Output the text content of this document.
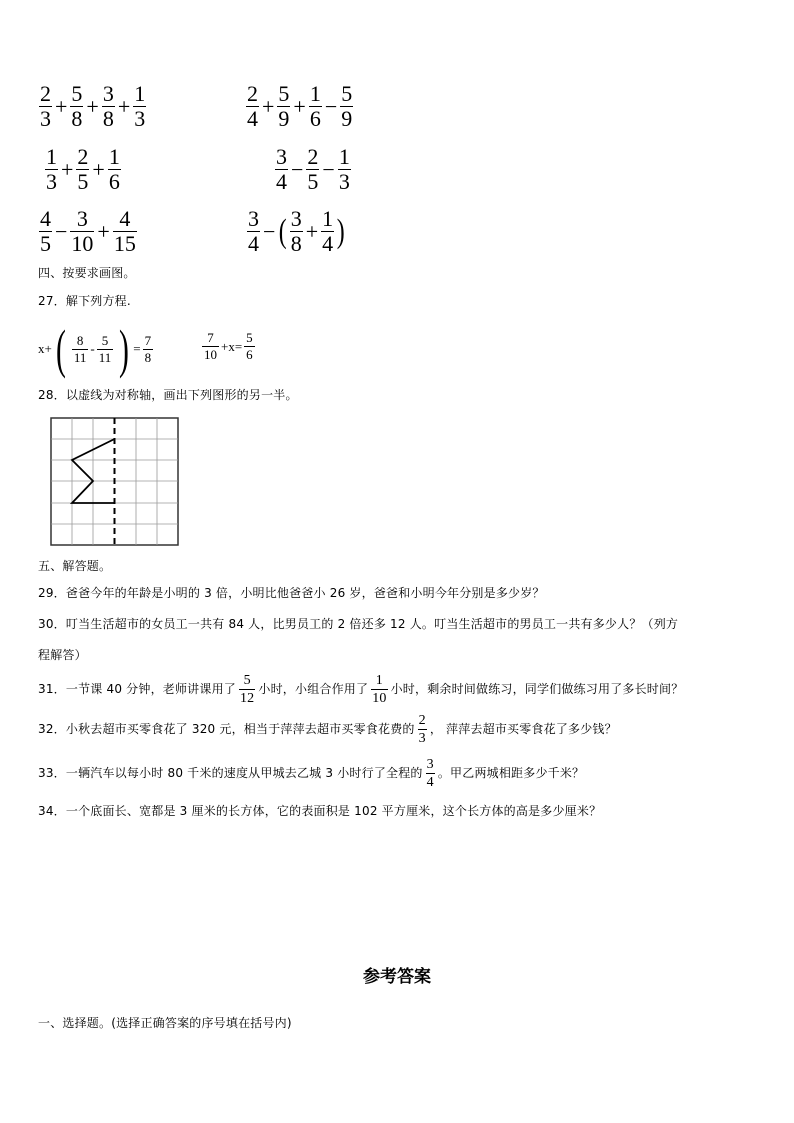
$\frac{2}{3} + \frac{5}{8} + \frac{3}{8} + \frac{1}{3}$	$\frac{2}{4} + \frac{5}{9} + \frac{1}{6} - \frac{5}{9}$
$\frac{1}{3} + \frac{2}{5} + \frac{1}{6}$	$\frac{3}{4} - \frac{2}{5} - \frac{1}{3}$
$\frac{4}{5} - \frac{3}{10} + \frac{4}{15}$	$\frac{3}{4}$ − ( $\frac{3}{8} + \frac{1}{4}$ )
四、按要求画图。
27．解下列方程.
x+ ( $\frac{8}{11} - \frac{5}{11}$ ) = $\frac{7}{8}$	$\frac{7}{10} +x= \frac{5}{6}$
28．以虚线为对称轴，画出下列图形的另一半。
五、解答题。
29．爸爸今年的年龄是小明的 3 倍，小明比他爸爸小 26 岁，爸爸和小明今年分别是多少岁？
30．叮当生活超市的女员工一共有 84 人，比男员工的 2 倍还多 12 人。叮当生活超市的男员工一共有多少人？（列方
程解答）
31．一节课 40 分钟，老师讲课用了 $\frac{5}{12}$ 小时，小组合作用了 $\frac{1}{10}$ 小时，剩余时间做练习，同学们做练习用了多长时间？
32．小秋去超市买零食花了 320 元，相当于萍萍去超市买零食花费的 $\frac{2}{3}$ ， 萍萍去超市买零食花了多少钱？
33．一辆汽车以每小时 80 千米的速度从甲城去乙城 3 小时行了全程的 $\frac{3}{4}$ 。甲乙两城相距多少千米？
34．一个底面长、宽都是 3 厘米的长方体，它的表面积是 102 平方厘米，这个长方体的高是多少厘米？
参考答案
一、选择题。(选择正确答案的序号填在括号内)
